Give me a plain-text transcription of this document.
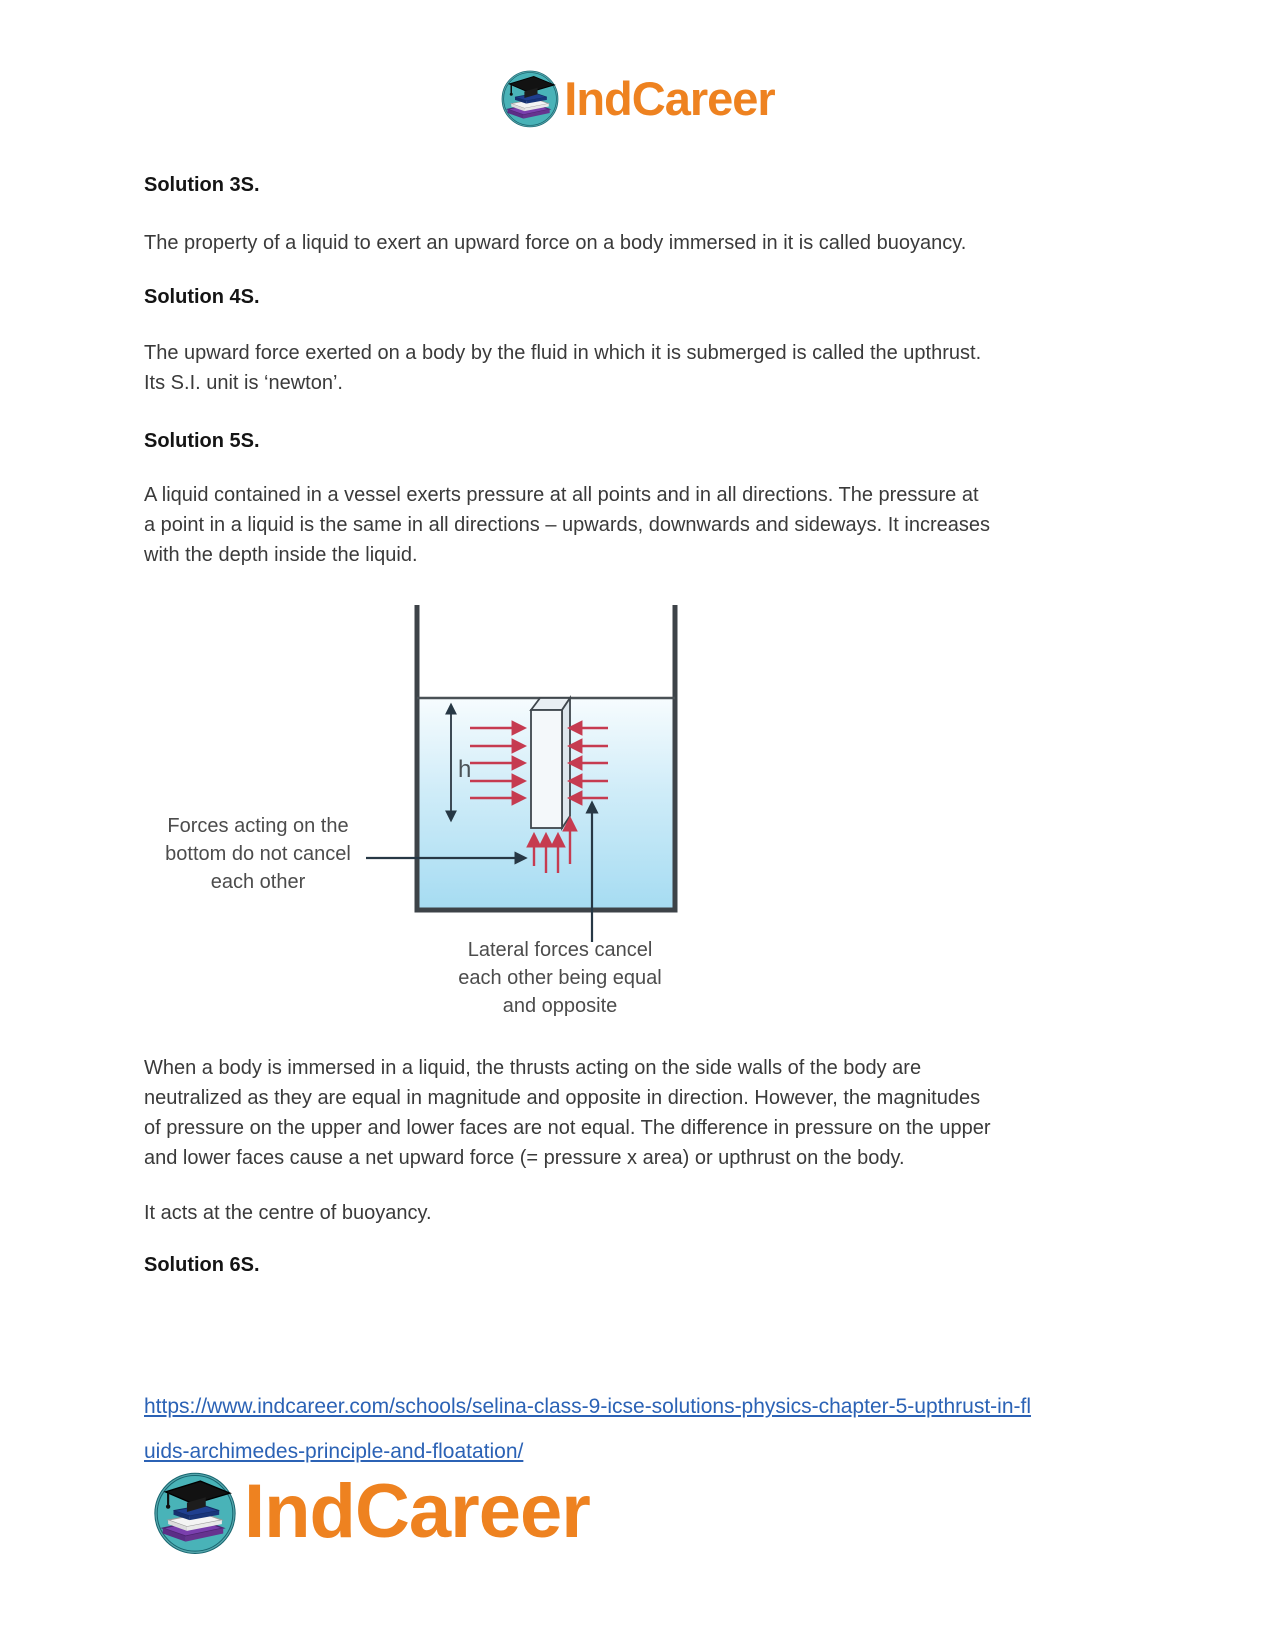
IndCareer
Solution 3S.
The property of a liquid to exert an upward force on a body immersed in it is called buoyancy.
Solution 4S.
The upward force exerted on a body by the fluid in which it is submerged is called the upthrust.
Its S.I. unit is ‘newton’.
Solution 5S.
A liquid contained in a vessel exerts pressure at all points and in all directions. The pressure at
a point in a liquid is the same in all directions – upwards, downwards and sideways. It increases
with the depth inside the liquid.
h
Forces acting on the
bottom do not cancel
each other
Lateral forces cancel
each other being equal
and opposite
When a body is immersed in a liquid, the thrusts acting on the side walls of the body are
neutralized as they are equal in magnitude and opposite in direction. However, the magnitudes
of pressure on the upper and lower faces are not equal. The difference in pressure on the upper
and lower faces cause a net upward force (= pressure x area) or upthrust on the body.
It acts at the centre of buoyancy.
Solution 6S.
https://www.indcareer.com/schools/selina-class-9-icse-solutions-physics-chapter-5-upthrust-in-fl
uids-archimedes-principle-and-floatation/
IndCareer
